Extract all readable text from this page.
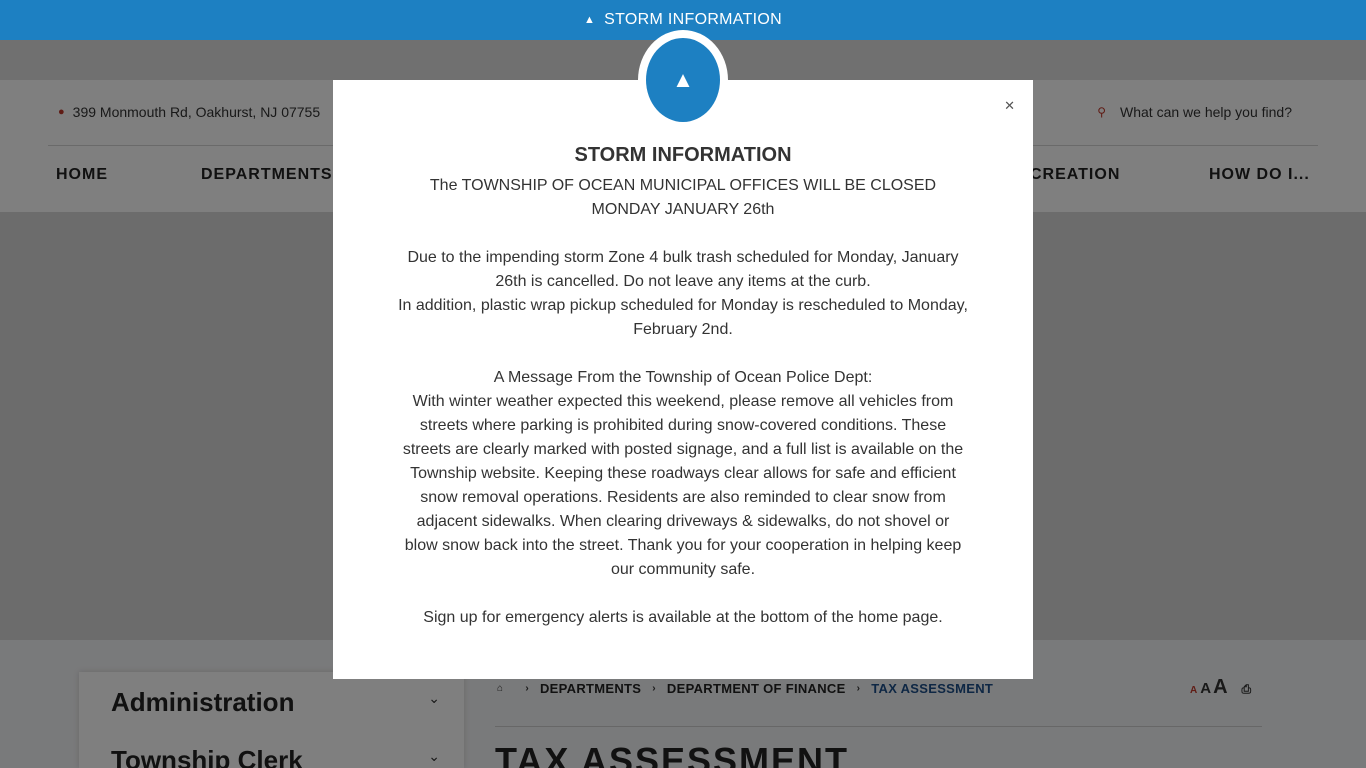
▲ STORM INFORMATION
▲
✕
STORM INFORMATION

The TOWNSHIP OF OCEAN MUNICIPAL OFFICES WILL BE CLOSED MONDAY JANUARY 26th

Due to the impending storm Zone 4 bulk trash scheduled for Monday, January 26th is cancelled. Do not leave any items at the curb.

In addition, plastic wrap pickup scheduled for Monday is rescheduled to Monday, February 2nd.

A Message From the Township of Ocean Police Dept:

With winter weather expected this weekend, please remove all vehicles from streets where parking is prohibited during snow-covered conditions. These streets are clearly marked with posted signage, and a full list is available on the Township website. Keeping these roadways clear allows for safe and efficient snow removal operations. Residents are also reminded to clear snow from adjacent sidewalks. When clearing driveways & sidewalks, do not shovel or blow snow back into the street. Thank you for your cooperation in helping keep our community safe.

Sign up for emergency alerts is available at the bottom of the home page.
